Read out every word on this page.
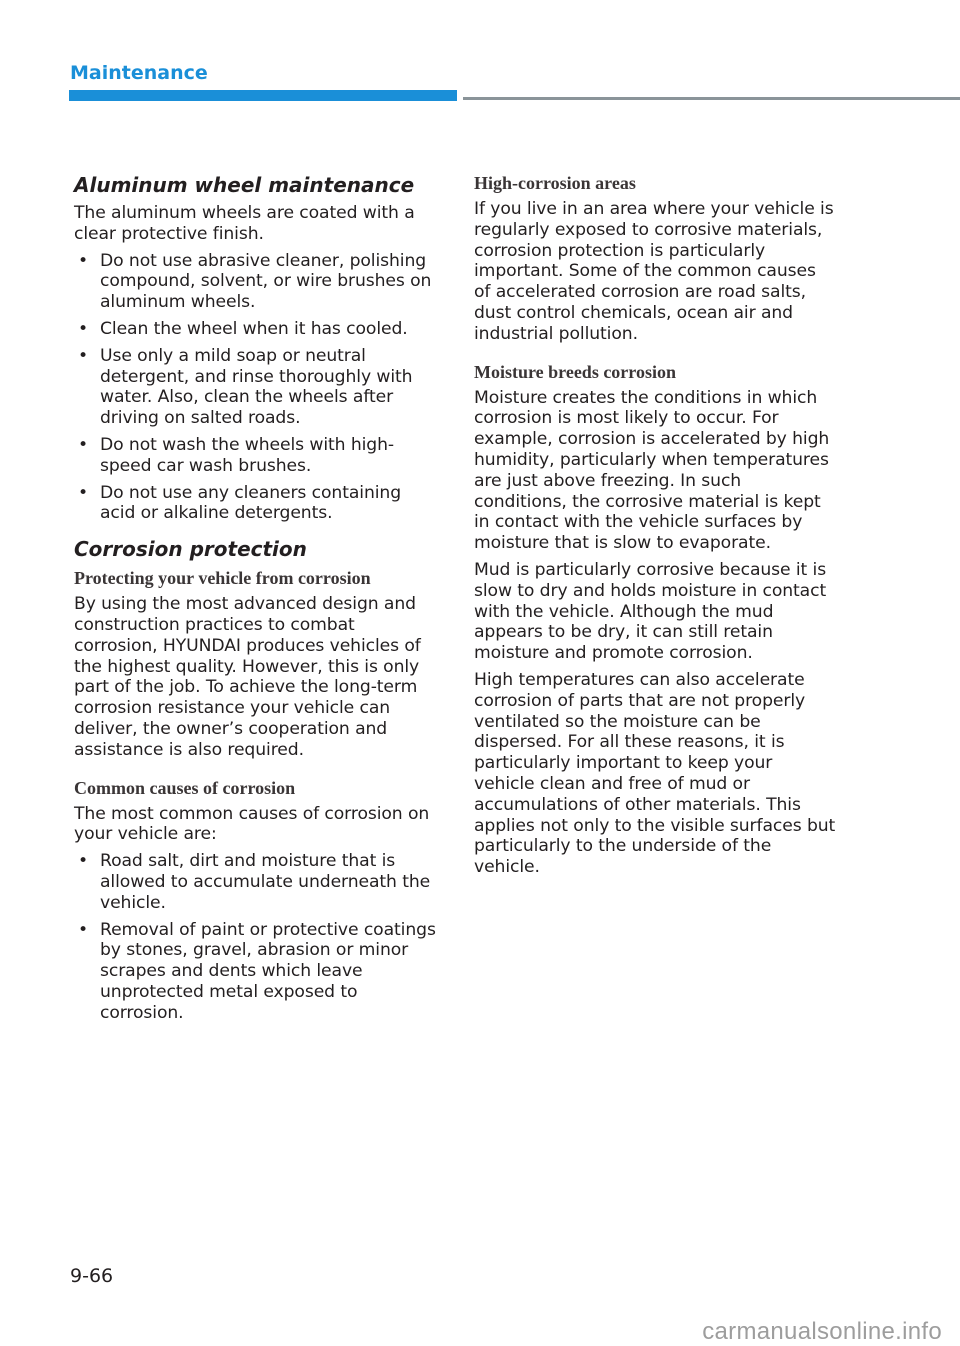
Maintenance
Aluminum wheel maintenance

The aluminum wheels are coated with a clear protective finish.

• Do not use abrasive cleaner, polishing compound, solvent, or wire brushes on aluminum wheels.
• Clean the wheel when it has cooled.
• Use only a mild soap or neutral detergent, and rinse thoroughly with water. Also, clean the wheels after driving on salted roads.
• Do not wash the wheels with high-speed car wash brushes.
• Do not use any cleaners containing acid or alkaline detergents.
Corrosion protection
Protecting your vehicle from corrosion

By using the most advanced design and construction practices to combat corrosion, HYUNDAI produces vehicles of the highest quality. However, this is only part of the job. To achieve the long-term corrosion resistance your vehicle can deliver, the owner’s cooperation and assistance is also required.

Common causes of corrosion

The most common causes of corrosion on your vehicle are:

• Road salt, dirt and moisture that is allowed to accumulate underneath the vehicle.
• Removal of paint or protective coatings by stones, gravel, abrasion or minor scrapes and dents which leave unprotected metal exposed to corrosion.
High-corrosion areas

If you live in an area where your vehicle is regularly exposed to corrosive materials, corrosion protection is particularly important. Some of the common causes of accelerated corrosion are road salts, dust control chemicals, ocean air and industrial pollution.

Moisture breeds corrosion

Moisture creates the conditions in which corrosion is most likely to occur. For example, corrosion is accelerated by high humidity, particularly when temperatures are just above freezing. In such conditions, the corrosive material is kept in contact with the vehicle surfaces by moisture that is slow to evaporate.

Mud is particularly corrosive because it is slow to dry and holds moisture in contact with the vehicle. Although the mud appears to be dry, it can still retain moisture and promote corrosion.

High temperatures can also accelerate corrosion of parts that are not properly ventilated so the moisture can be dispersed. For all these reasons, it is particularly important to keep your vehicle clean and free of mud or accumulations of other materials. This applies not only to the visible surfaces but particularly to the underside of the vehicle.

9-66
carmanualsonline.info
